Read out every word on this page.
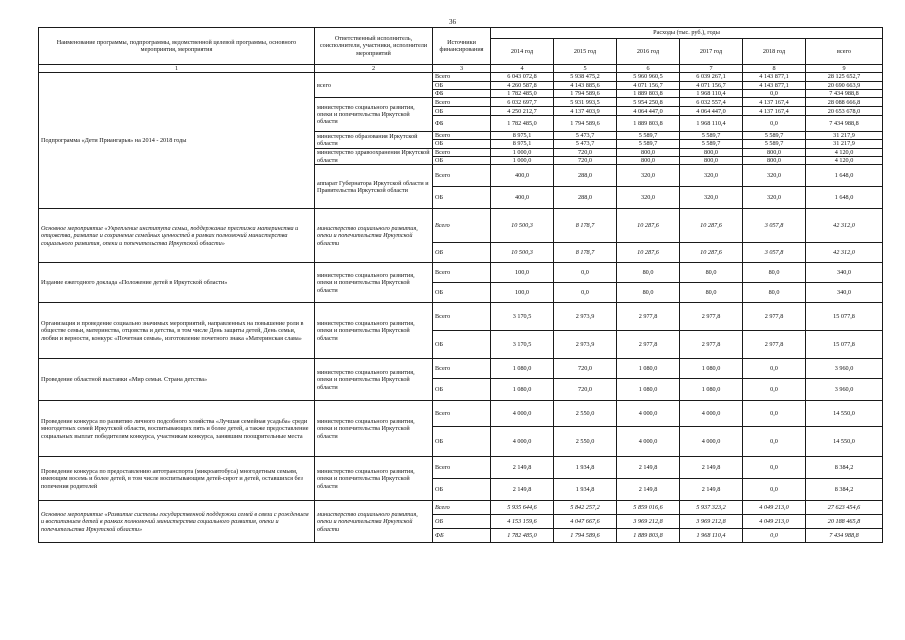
36
Наименование программы, подпрограммы, ведомственной целевой программы, основного мероприятия, мероприятия	Ответственный исполнитель, соисполнители, участники, исполнители мероприятий	Источники финансирования	Расходы (тыс. руб.), годы					
			2014 год	2015 год	2016 год	2017 год	2018 год	всего
1	2	3	4	5	6	7	8	9
Подпрограмма «Дети Приангарья» на 2014 - 2018 годы	всего	Всего	6 043 072,8	5 938 475,2	5 960 960,5	6 039 267,1	4 143 877,1	28 125 652,7
		ОБ	4 260 587,8	4 143 885,6	4 071 156,7	4 071 156,7	4 143 877,1	20 690 663,9
		ФБ	1 782 485,0	1 794 589,6	1 889 803,8	1 968 110,4	0,0	7 434 988,8
	министерство социального развития, опеки и попечительства Иркутской области	Всего	6 032 697,7	5 931 993,5	5 954 250,8	6 032 557,4	4 137 167,4	28 088 666,8
		ОБ	4 250 212,7	4 137 403,9	4 064 447,0	4 064 447,0	4 137 167,4	20 653 678,0
		ФБ	1 782 485,0	1 794 589,6	1 889 803,8	1 968 110,4	0,0	7 434 988,8
	министерство образования Иркутской области	Всего	8 975,1	5 473,7	5 589,7	5 589,7	5 589,7	31 217,9
		ОБ	8 975,1	5 473,7	5 589,7	5 589,7	5 589,7	31 217,9
	министерство здравоохранения Иркутской области	Всего	1 000,0	720,0	800,0	800,0	800,0	4 120,0
		ОБ	1 000,0	720,0	800,0	800,0	800,0	4 120,0
	аппарат Губернатора Иркутской области и Правительства Иркутской области	Всего	400,0	288,0	320,0	320,0	320,0	1 648,0
		ОБ	400,0	288,0	320,0	320,0	320,0	1 648,0
Основное мероприятие «Укрепление института семьи, поддержание престижа материнства и отцовства, развитие и сохранение семейных ценностей в рамках полномочий министерства социального развития, опеки и попечительства Иркутской области»	министерство социального развития, опеки и попечительства Иркутской области	Всего	10 500,3	8 178,7	10 287,6	10 287,6	3 057,8	42 312,0
		ОБ	10 500,3	8 178,7	10 287,6	10 287,6	3 057,8	42 312,0
Издание ежегодного доклада «Положение детей в Иркутской области»	министерство социального развития, опеки и попечительства Иркутской области	Всего	100,0	0,0	80,0	80,0	80,0	340,0
		ОБ	100,0	0,0	80,0	80,0	80,0	340,0
Организация и проведение социально значимых мероприятий, направленных на повышение роли в обществе семьи, материнства, отцовства и детства, в том числе День защиты детей, День семьи, любви и верности, конкурс «Почетная семья», изготовление почетного знака «Материнская слава»	министерство социального развития, опеки и попечительства Иркутской области	Всего	3 170,5	2 973,9	2 977,8	2 977,8	2 977,8	15 077,8
		ОБ	3 170,5	2 973,9	2 977,8	2 977,8	2 977,8	15 077,8
Проведение областной выставки «Мир семьи. Страна детства»	министерство социального развития, опеки и попечительства Иркутской области	Всего	1 080,0	720,0	1 080,0	1 080,0	0,0	3 960,0
		ОБ	1 080,0	720,0	1 080,0	1 080,0	0,0	3 960,0
Проведение конкурса по развитию личного подсобного хозяйства «Лучшая семейная усадьба» среди многодетных семей Иркутской области, воспитывающих пять и более детей, а также предоставление социальных выплат победителям конкурса, участникам конкурса, занявшим поощрительные места	министерство социального развития, опеки и попечительства Иркутской области	Всего	4 000,0	2 550,0	4 000,0	4 000,0	0,0	14 550,0
		ОБ	4 000,0	2 550,0	4 000,0	4 000,0	0,0	14 550,0
Проведение конкурса по предоставлению автотранспорта (микроавтобуса) многодетным семьям, имеющим восемь и более детей, в том числе воспитывающим детей-сирот и детей, оставшихся без попечения родителей	министерство социального развития, опеки и попечительства Иркутской области	Всего	2 149,8	1 934,8	2 149,8	2 149,8	0,0	8 384,2
		ОБ	2 149,8	1 934,8	2 149,8	2 149,8	0,0	8 384,2
Основное мероприятие «Развитие системы государственной поддержки семей в связи с рождением и воспитанием детей в рамках полномочий министерства социального развития, опеки и попечительства Иркутской области»	министерство социального развития, опеки и попечительства Иркутской области	Всего	5 935 644,6	5 842 257,2	5 859 016,6	5 937 323,2	4 049 213,0	27 623 454,6
		ОБ	4 153 159,6	4 047 667,6	3 969 212,8	3 969 212,8	4 049 213,0	20 188 465,8
		ФБ	1 782 485,0	1 794 589,6	1 889 803,8	1 968 110,4	0,0	7 434 988,8
